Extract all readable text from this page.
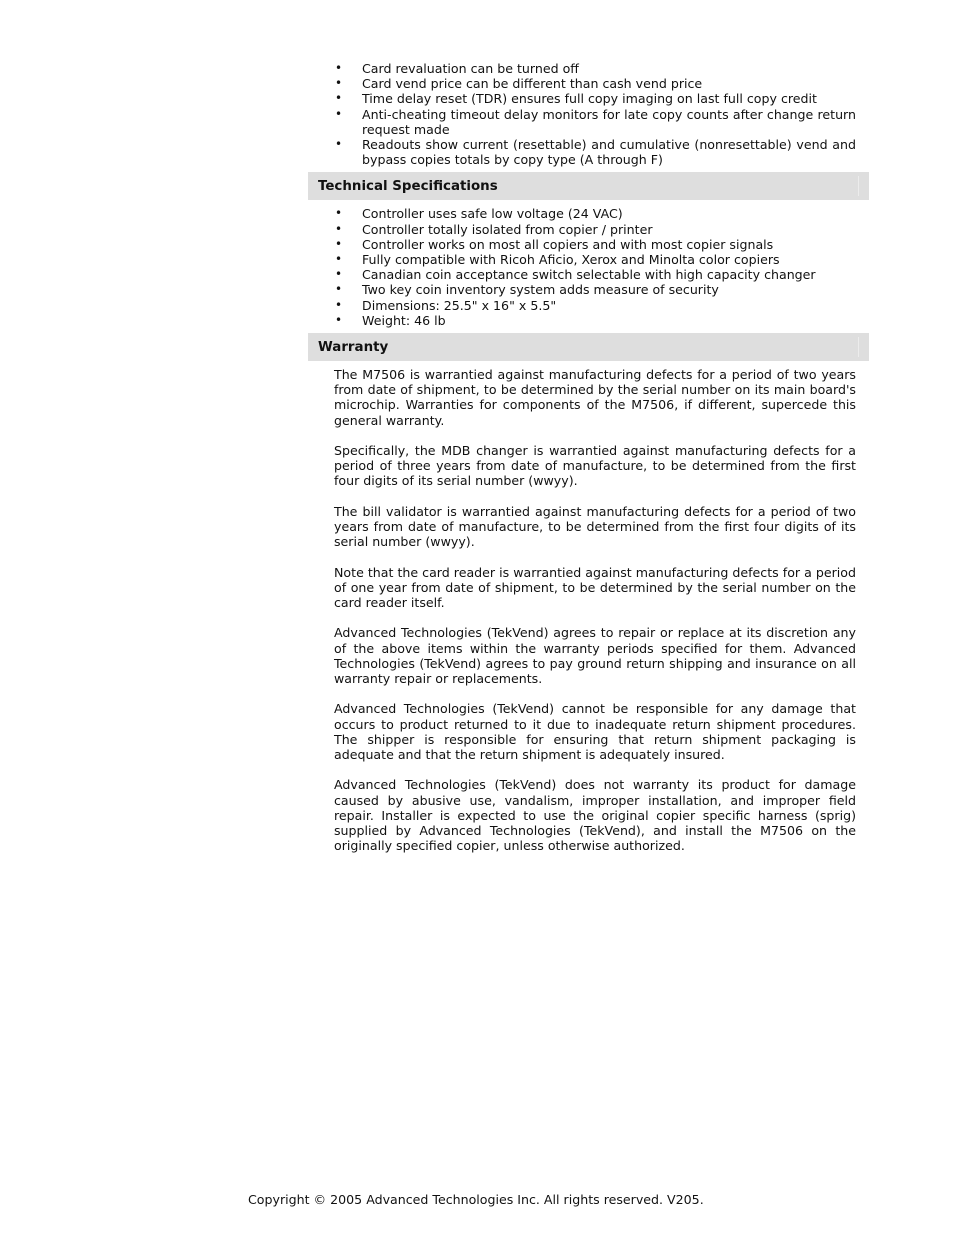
• Card revaluation can be turned off
• Card vend price can be different than cash vend price
• Time delay reset (TDR) ensures full copy imaging on last full copy credit
• Anti-cheating timeout delay monitors for late copy counts after change return request made
• Readouts show current (resettable) and cumulative (nonresettable) vend and bypass copies totals by copy type (A through F)
Technical Specifications
• Controller uses safe low voltage (24 VAC)
• Controller totally isolated from copier / printer
• Controller works on most all copiers and with most copier signals
• Fully compatible with Ricoh Aficio, Xerox and Minolta color copiers
• Canadian coin acceptance switch selectable with high capacity changer
• Two key coin inventory system adds measure of security
• Dimensions: 25.5" x 16" x 5.5"
• Weight: 46 lb
Warranty

The M7506 is warrantied against manufacturing defects for a period of two years from date of shipment, to be determined by the serial number on its main board's microchip. Warranties for components of the M7506, if different, supercede this general warranty.

Specifically, the MDB changer is warrantied against manufacturing defects for a period of three years from date of manufacture, to be determined from the first four digits of its serial number (wwyy).

The bill validator is warrantied against manufacturing defects for a period of two years from date of manufacture, to be determined from the first four digits of its serial number (wwyy).

Note that the card reader is warrantied against manufacturing defects for a period of one year from date of shipment, to be determined by the serial number on the card reader itself.

Advanced Technologies (TekVend) agrees to repair or replace at its discretion any of the above items within the warranty periods specified for them. Advanced Technologies (TekVend) agrees to pay ground return shipping and insurance on all warranty repair or replacements.

Advanced Technologies (TekVend) cannot be responsible for any damage that occurs to product returned to it due to inadequate return shipment procedures. The shipper is responsible for ensuring that return shipment packaging is adequate and that the return shipment is adequately insured.

Advanced Technologies (TekVend) does not warranty its product for damage caused by abusive use, vandalism, improper installation, and improper field repair. Installer is expected to use the original copier specific harness (sprig) supplied by Advanced Technologies (TekVend), and install the M7506 on the originally specified copier, unless otherwise authorized.

Copyright © 2005 Advanced Technologies Inc. All rights reserved. V205.
